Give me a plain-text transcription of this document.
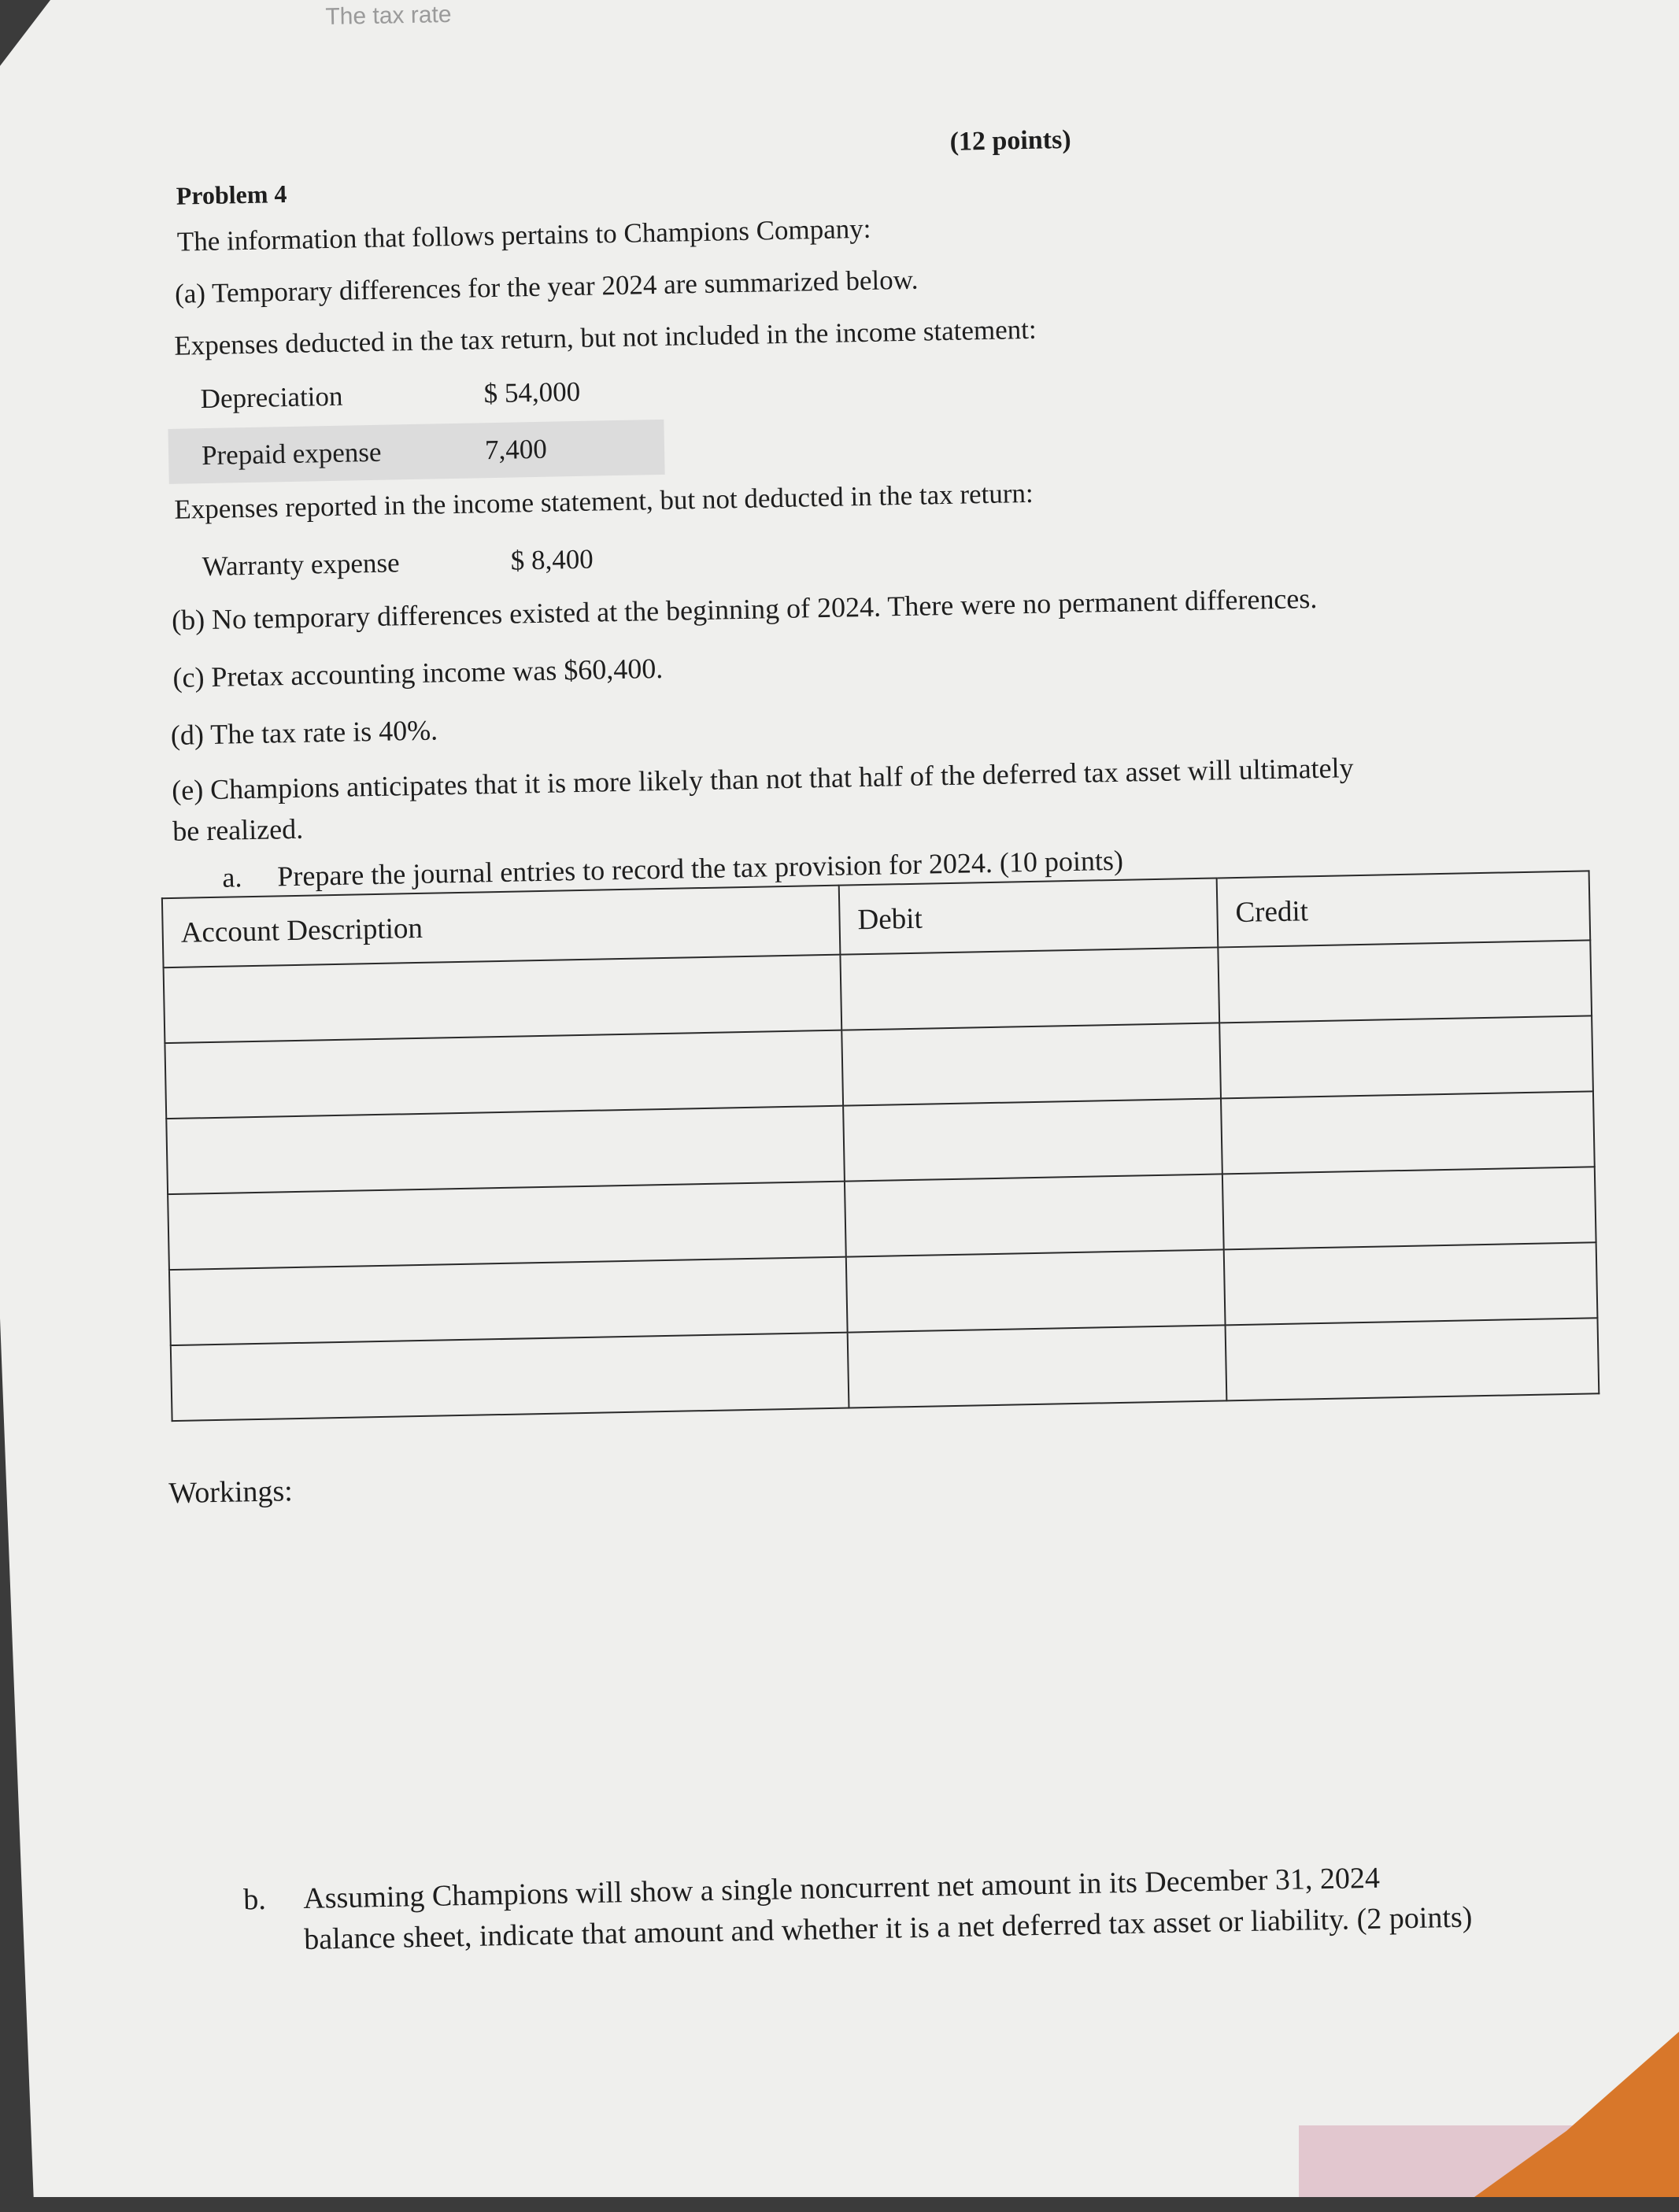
The tax rate
(12 points)
Problem 4
The information that follows pertains to Champions Company:
(a) Temporary differences for the year 2024 are summarized below.
Expenses deducted in the tax return, but not included in the income statement:
Depreciation	$ 54,000
Prepaid expense	7,400
Expenses reported in the income statement, but not deducted in the tax return:
Warranty expense	$ 8,400
(b) No temporary differences existed at the beginning of 2024. There were no permanent differences.
(c) Pretax accounting income was $60,400.
(d) The tax rate is 40%.
(e) Champions anticipates that it is more likely than not that half of the deferred tax asset will ultimately
be realized.
a. Prepare the journal entries to record the tax provision for 2024. (10 points)
Account Description	Debit	Credit

Workings:
b. Assuming Champions will show a single noncurrent net amount in its December 31, 2024
balance sheet, indicate that amount and whether it is a net deferred tax asset or liability. (2 points)
